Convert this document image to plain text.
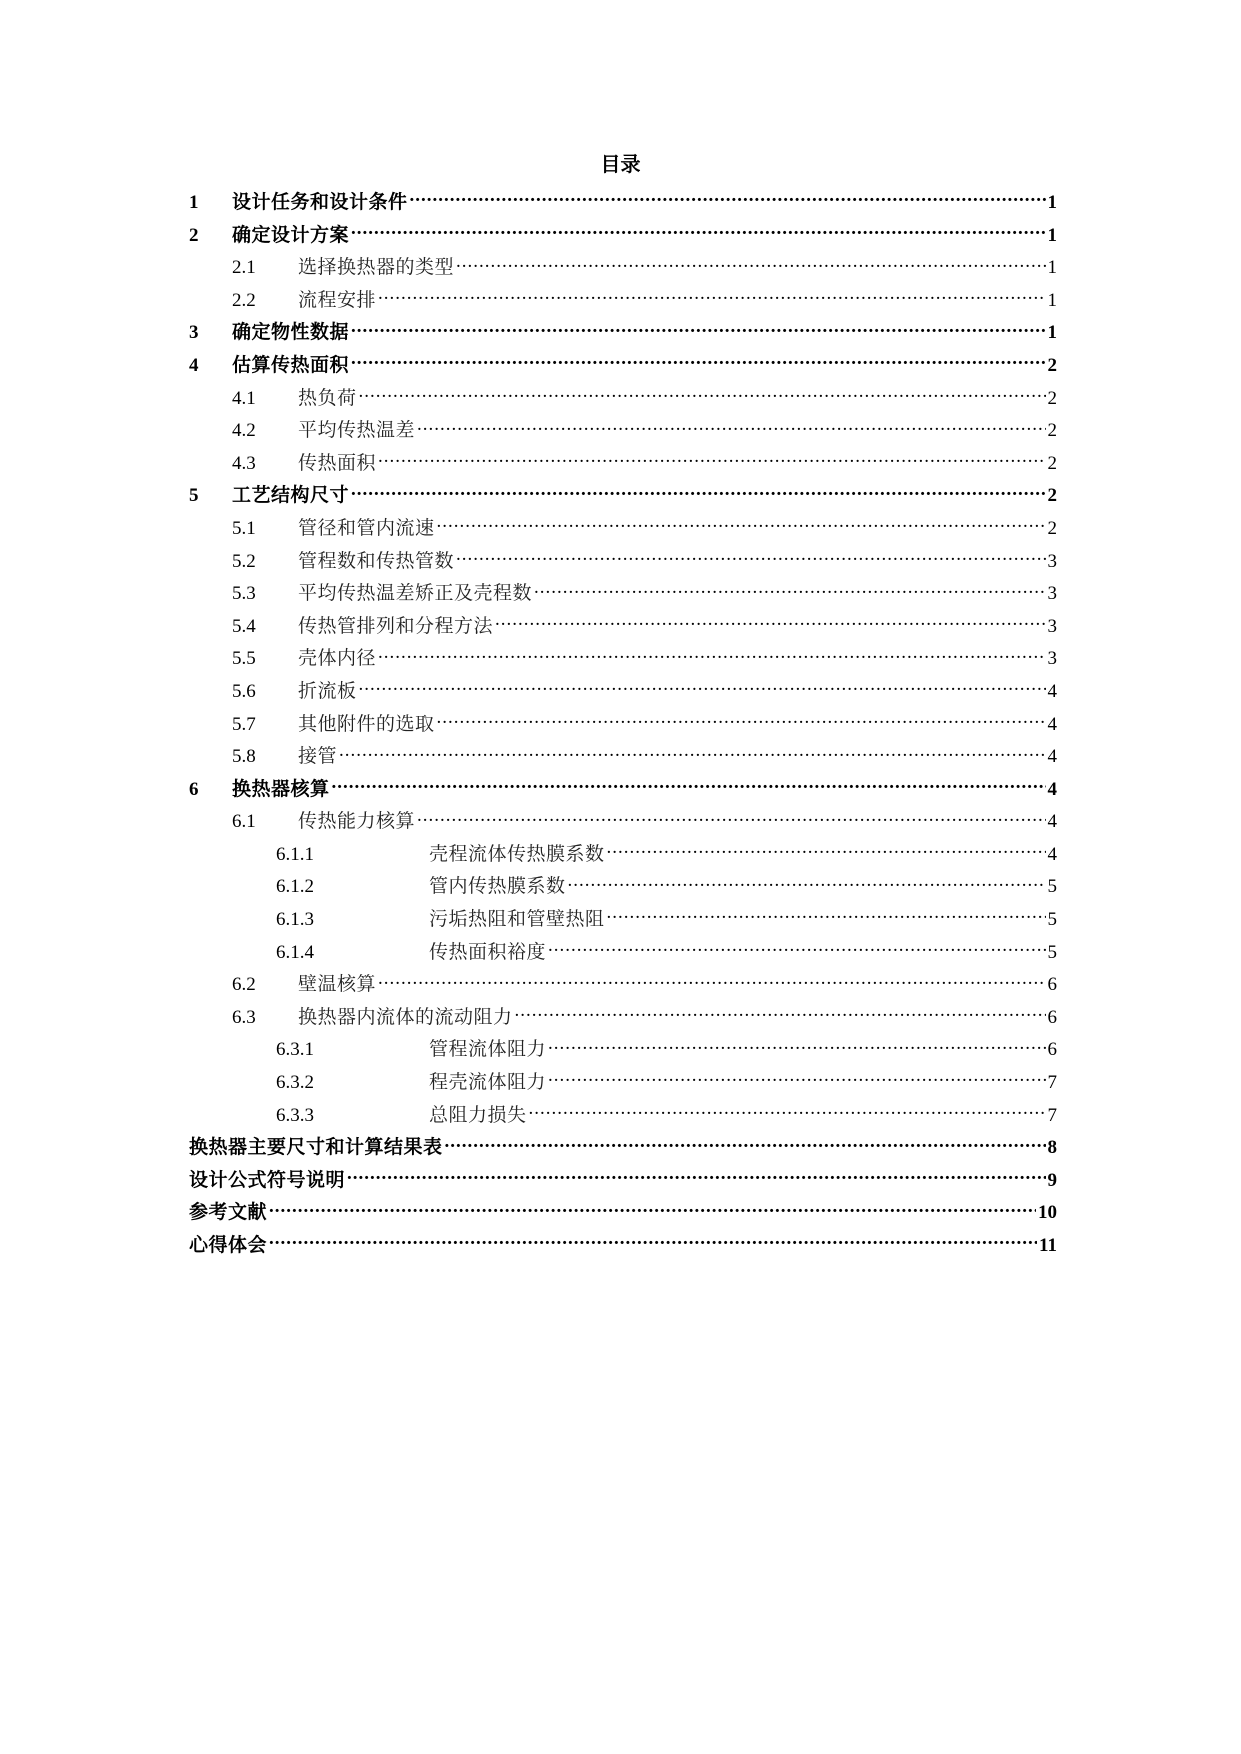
目录
1	设计任务和设计条件 .....	1
2	确定设计方案 .....	1
2.1	选择换热器的类型 .....	1
2.2	流程安排 .....	1
3	确定物性数据 .....	1
4	估算传热面积 .....	2
4.1	热负荷 .....	2
4.2	平均传热温差 .....	2
4.3	传热面积 .....	2
5	工艺结构尺寸 .....	2
5.1	管径和管内流速 .....	2
5.2	管程数和传热管数 .....	3
5.3	平均传热温差矫正及壳程数 .....	3
5.4	传热管排列和分程方法 .....	3
5.5	壳体内径 .....	3
5.6	折流板 .....	4
5.7	其他附件的选取 .....	4
5.8	接管 .....	4
6	换热器核算 .....	4
6.1	传热能力核算 .....	4
6.1.1	壳程流体传热膜系数 .....	4
6.1.2	管内传热膜系数 .....	5
6.1.3	污垢热阻和管壁热阻 .....	5
6.1.4	传热面积裕度 .....	5
6.2	壁温核算 .....	6
6.3	换热器内流体的流动阻力 .....	6
6.3.1	管程流体阻力 .....	6
6.3.2	程壳流体阻力 .....	7
6.3.3	总阻力损失 .....	7
换热器主要尺寸和计算结果表 .....	8
设计公式符号说明 .....	9
参考文献 .....	10
心得体会 .....	11
